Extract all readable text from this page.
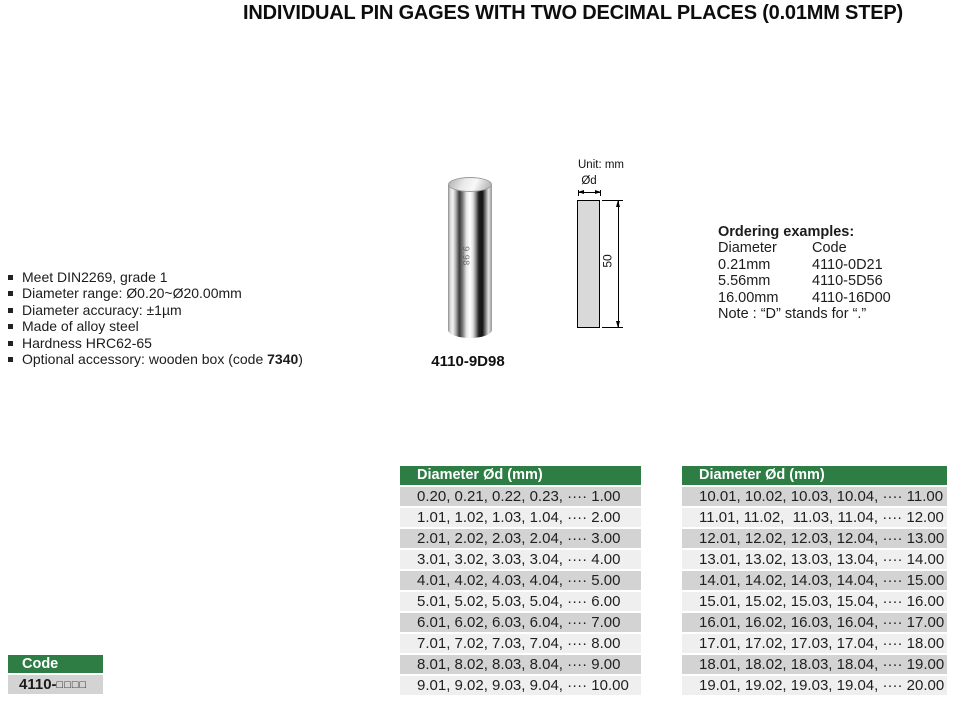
INDIVIDUAL PIN GAGES WITH TWO DECIMAL PLACES (0.01MM STEP)
Meet DIN2269, grade 1
Diameter range: Ø0.20~Ø20.00mm
Diameter accuracy: ±1µm
Made of alloy steel
Hardness HRC62-65
Optional accessory: wooden box (code 7340)
9.98
4110-9D98
Unit: mm
Ød
50
Ordering examples:
Diameter	Code
0.21mm	4110-0D21
5.56mm	4110-5D56
16.00mm	4110-16D00
Note : “D” stands for “.”
Diameter Ød (mm)
0.20, 0.21, 0.22, 0.23, ···· 1.00
1.01, 1.02, 1.03, 1.04, ···· 2.00
2.01, 2.02, 2.03, 2.04, ···· 3.00
3.01, 3.02, 3.03, 3.04, ···· 4.00
4.01, 4.02, 4.03, 4.04, ···· 5.00
5.01, 5.02, 5.03, 5.04, ···· 6.00
6.01, 6.02, 6.03, 6.04, ···· 7.00
7.01, 7.02, 7.03, 7.04, ···· 8.00
8.01, 8.02, 8.03, 8.04, ···· 9.00
9.01, 9.02, 9.03, 9.04, ···· 10.00
Diameter Ød (mm)
10.01, 10.02, 10.03, 10.04, ···· 11.00
11.01, 11.02,  11.03, 11.04, ···· 12.00
12.01, 12.02, 12.03, 12.04, ···· 13.00
13.01, 13.02, 13.03, 13.04, ···· 14.00
14.01, 14.02, 14.03, 14.04, ···· 15.00
15.01, 15.02, 15.03, 15.04, ···· 16.00
16.01, 16.02, 16.03, 16.04, ···· 17.00
17.01, 17.02, 17.03, 17.04, ···· 18.00
18.01, 18.02, 18.03, 18.04, ···· 19.00
19.01, 19.02, 19.03, 19.04, ···· 20.00
Code
4110-□□□□
